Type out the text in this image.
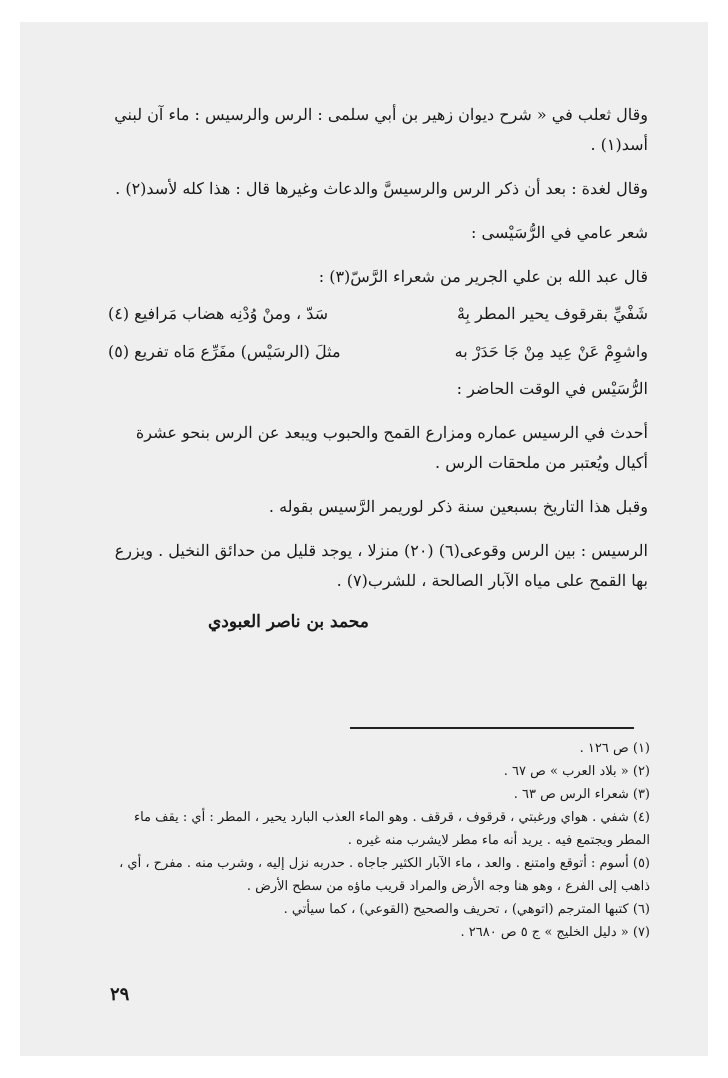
وقال ثعلب في « شرح ديوان زهير بن أبي سلمى : الرس والرسيس : ماء آن لبني أسد(١) .

وقال لغدة : بعد أن ذكر الرس والرسيسَّ والدعاث وغيرها قال : هذا كله لأسد(٢) .

شعر عامي في الرُّسَيْسى :

قال عبد الله بن علي الجرير من شعراء الرَّسّ(٣) :

شَفْيِّ بقرقوف يحير المطر بِهْ
سَدّ ، ومنْ وُدْنِه هضاب مَرافيع (٤)
واشوِمْ عَنْ عِيد مِنْ جَا حَدَرْ به
مثلَ (الرسَيْس) مفَرِّع مَاه تفريع (٥)

الرُّسَيْس في الوقت الحاضر :

أحدث في الرسيس عماره ومزارع القمح والحبوب ويبعد عن الرس بنحو عشرة أكيال ويُعتبر من ملحقات الرس .

وقبل هذا التاريخ بسبعين سنة ذكر لوريمر الرَّسيس بقوله .

الرسيس : بين الرس وقوعى(٦) (٢٠) منزلا ، يوجد قليل من حدائق النخيل . ويزرع بها القمح على مياه الآبار الصالحة ، للشرب(٧) .

محمد بن ناصر العبودي

(١) ص ١٢٦ .

(٢) « بلاد العرب » ص ٦٧ .

(٣) شعراء الرس ص ٦٣ .

(٤) شفي . هواي ورغبتي ، قرقوف ، قرقف . وهو الماء العذب البارد يحير ، المطر : أي : يقف ماء المطر ويجتمع فيه . يريد أنه ماء مطر لايشرب منه غيره .

(٥) أسوم : أتوقع وامتنع . والعد ، ماء الآبار الكثير جاجاه . حدربه نزل إليه ، وشرب منه . مفرح ، أي ، ذاهب إلى الفرع ، وهو هنا وجه الأرض والمراد قريب ماؤه من سطح الأرض .

(٦) كتبها المترجم (اتوهي) ، تحريف والصحيح (القوعي) ، كما سيأتي .

(٧) « دليل الخليج » ج ٥ ص ٢٦٨٠ .

٢٩
